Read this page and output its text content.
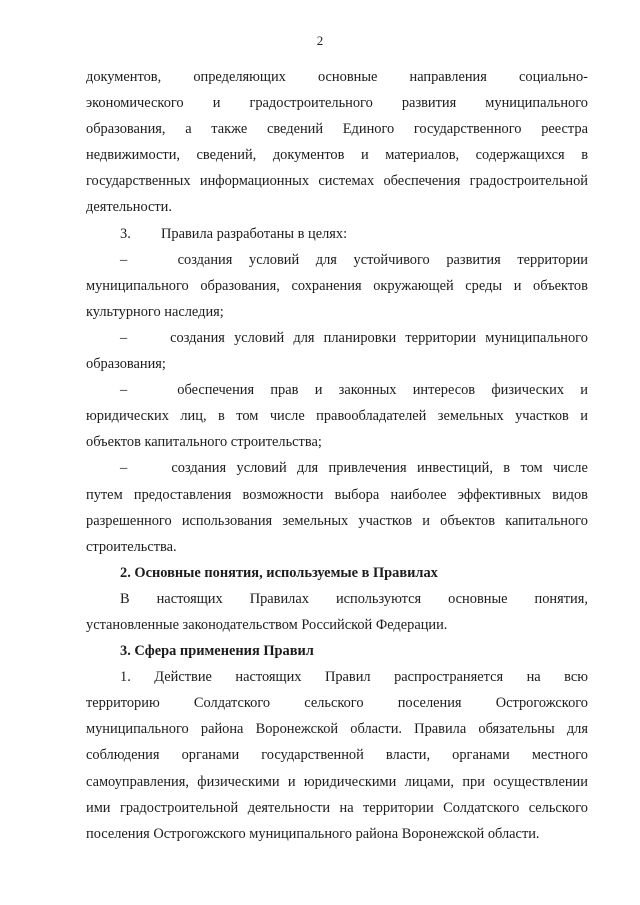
2
документов, определяющих основные направления социально-
экономического и градостроительного развития муниципального
образования, а также сведений Единого государственного реестра
недвижимости, сведений, документов и материалов, содержащихся в
государственных информационных системах обеспечения градостроительной
деятельности.
3.	Правила разработаны в целях:
–	создания условий для устойчивого развития территории
муниципального образования, сохранения окружающей среды и объектов
культурного наследия;
–	создания условий для планировки территории муниципального
образования;
–	обеспечения прав и законных интересов физических и
юридических лиц, в том числе правообладателей земельных участков и
объектов капитального строительства;
–	создания условий для привлечения инвестиций, в том числе
путем предоставления возможности выбора наиболее эффективных видов
разрешенного использования земельных участков и объектов капитального
строительства.
2. Основные понятия, используемые в Правилах
В настоящих Правилах используются основные понятия,
установленные законодательством Российской Федерации.
3. Сфера применения Правил
1. Действие настоящих Правил распространяется на всю
территорию Солдатского сельского поселения Острогожского
муниципального района Воронежской области. Правила обязательны для
соблюдения органами государственной власти, органами местного
самоуправления, физическими и юридическими лицами, при осуществлении
ими градостроительной деятельности на территории Солдатского сельского
поселения Острогожского муниципального района Воронежской области.
